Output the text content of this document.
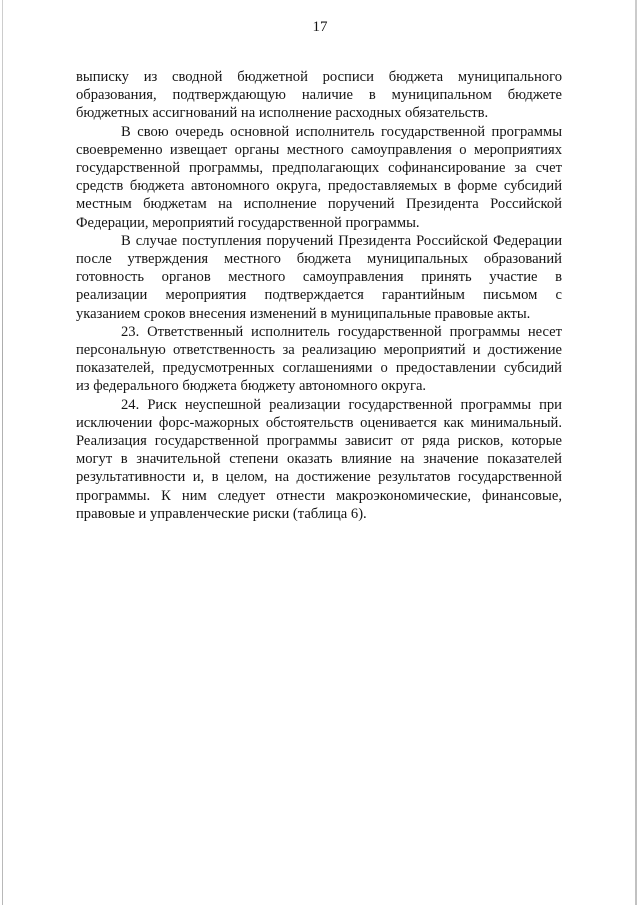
17

выписку из сводной бюджетной росписи бюджета муниципального
образования, подтверждающую наличие в муниципальном бюджете
бюджетных ассигнований на исполнение расходных обязательств.

В свою очередь основной исполнитель государственной программы
своевременно извещает органы местного самоуправления о мероприятиях
государственной программы, предполагающих софинансирование за счет
средств бюджета автономного округа, предоставляемых в форме субсидий
местным бюджетам на исполнение поручений Президента Российской
Федерации, мероприятий государственной программы.

В случае поступления поручений Президента Российской Федерации
после утверждения местного бюджета муниципальных образований
готовность органов местного самоуправления принять участие в
реализации мероприятия подтверждается гарантийным письмом с
указанием сроков внесения изменений в муниципальные правовые акты.

23. Ответственный исполнитель государственной программы несет
персональную ответственность за реализацию мероприятий и достижение
показателей, предусмотренных соглашениями о предоставлении субсидий
из федерального бюджета бюджету автономного округа.

24. Риск неуспешной реализации государственной программы при
исключении форс-мажорных обстоятельств оценивается как минимальный.
Реализация государственной программы зависит от ряда рисков, которые
могут в значительной степени оказать влияние на значение показателей
результативности и, в целом, на достижение результатов государственной
программы. К ним следует отнести макроэкономические, финансовые,
правовые и управленческие риски (таблица 6).
